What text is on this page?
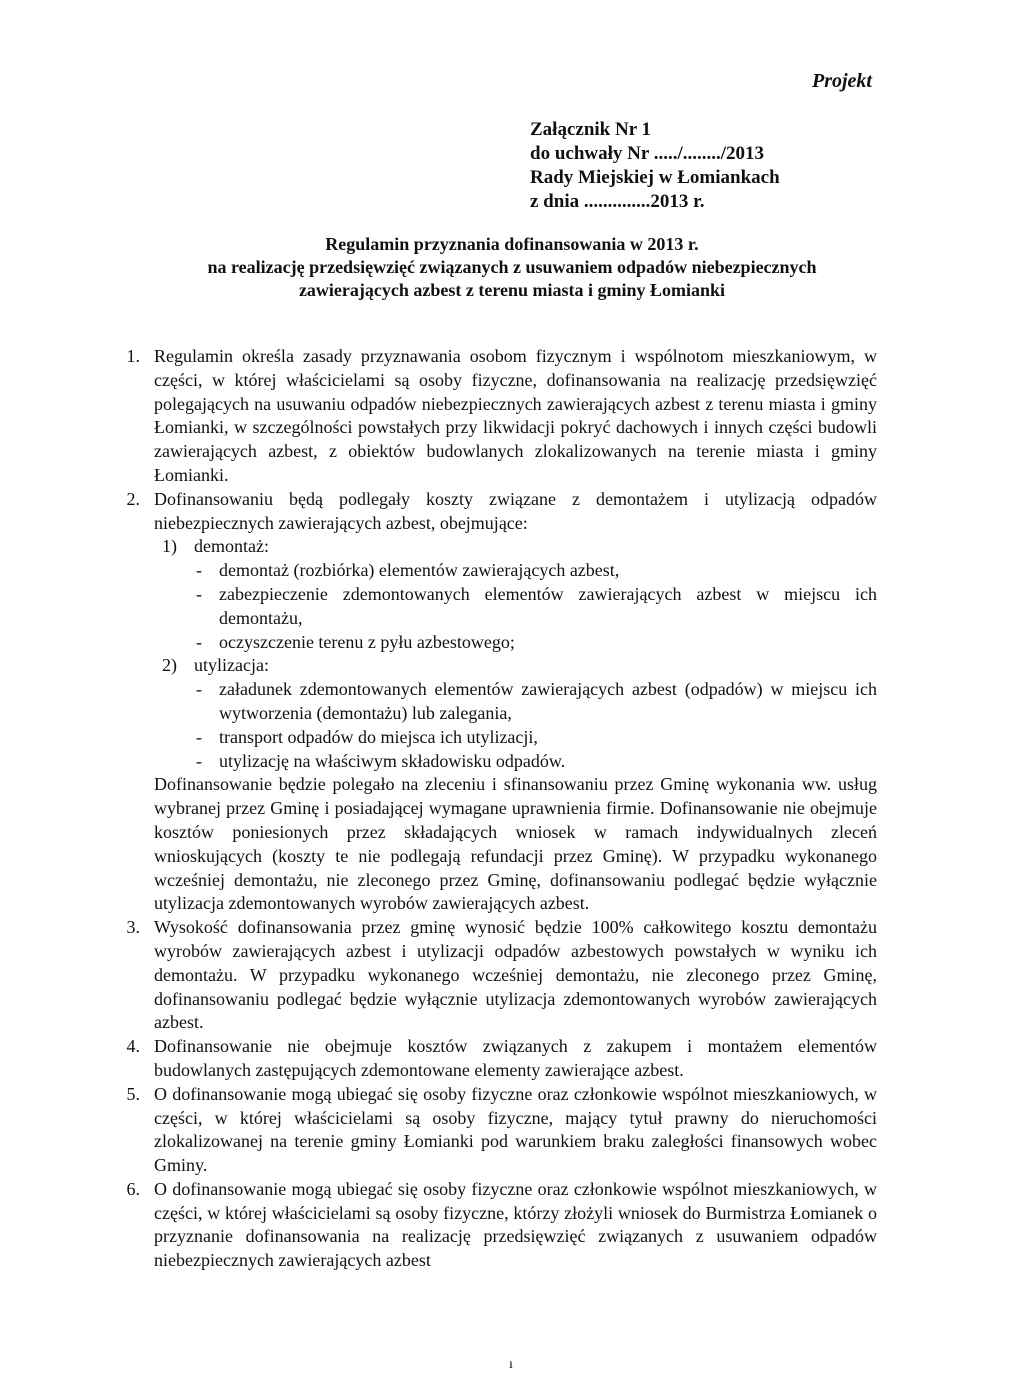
Projekt
Załącznik Nr 1
do uchwały Nr ...../......../2013
Rady Miejskiej w Łomiankach
z dnia ..............2013 r.
Regulamin przyznania dofinansowania w 2013 r.
na realizację przedsięwzięć związanych z usuwaniem odpadów niebezpiecznych
zawierających azbest z terenu miasta i gminy Łomianki
1. Regulamin określa zasady przyznawania osobom fizycznym i wspólnotom mieszkaniowym, w części, w której właścicielami są osoby fizyczne, dofinansowania na realizację przedsięwzięć polegających na usuwaniu odpadów niebezpiecznych zawierających azbest z terenu miasta i gminy Łomianki, w szczególności powstałych przy likwidacji pokryć dachowych i innych części budowli zawierających azbest, z obiektów budowlanych zlokalizowanych na terenie miasta i gminy Łomianki.

2. Dofinansowaniu będą podlegały koszty związane z demontażem i utylizacją odpadów niebezpiecznych zawierających azbest, obejmujące:

1) demontaż:
- demontaż (rozbiórka) elementów zawierających azbest,
- zabezpieczenie zdemontowanych elementów zawierających azbest w miejscu ich demontażu,
- oczyszczenie terenu z pyłu azbestowego;
2) utylizacja:
- załadunek zdemontowanych elementów zawierających azbest (odpadów) w miejscu ich wytworzenia (demontażu) lub zalegania,
- transport odpadów do miejsca ich utylizacji,
- utylizację na właściwym składowisku odpadów.

Dofinansowanie będzie polegało na zleceniu i sfinansowaniu przez Gminę wykonania ww. usług wybranej przez Gminę i posiadającej wymagane uprawnienia firmie. Dofinansowanie nie obejmuje kosztów poniesionych przez składających wniosek w ramach indywidualnych zleceń wnioskujących (koszty te nie podlegają refundacji przez Gminę). W przypadku wykonanego wcześniej demontażu, nie zleconego przez Gminę, dofinansowaniu podlegać będzie wyłącznie utylizacja zdemontowanych wyrobów zawierających azbest.

3. Wysokość dofinansowania przez gminę wynosić będzie 100% całkowitego kosztu demontażu wyrobów zawierających azbest i utylizacji odpadów azbestowych powstałych w wyniku ich demontażu. W przypadku wykonanego wcześniej demontażu, nie zleconego przez Gminę, dofinansowaniu podlegać będzie wyłącznie utylizacja zdemontowanych wyrobów zawierających azbest.

4. Dofinansowanie nie obejmuje kosztów związanych z zakupem i montażem elementów budowlanych zastępujących zdemontowane elementy zawierające azbest.

5. O dofinansowanie mogą ubiegać się osoby fizyczne oraz członkowie wspólnot mieszkaniowych, w części, w której właścicielami są osoby fizyczne, mający tytuł prawny do nieruchomości zlokalizowanej na terenie gminy Łomianki pod warunkiem braku zaległości finansowych wobec Gminy.

6. O dofinansowanie mogą ubiegać się osoby fizyczne oraz członkowie wspólnot mieszkaniowych, w części, w której właścicielami są osoby fizyczne, którzy złożyli wniosek do Burmistrza Łomianek o przyznanie dofinansowania na realizację przedsięwzięć związanych z usuwaniem odpadów niebezpiecznych zawierających azbest

ı
